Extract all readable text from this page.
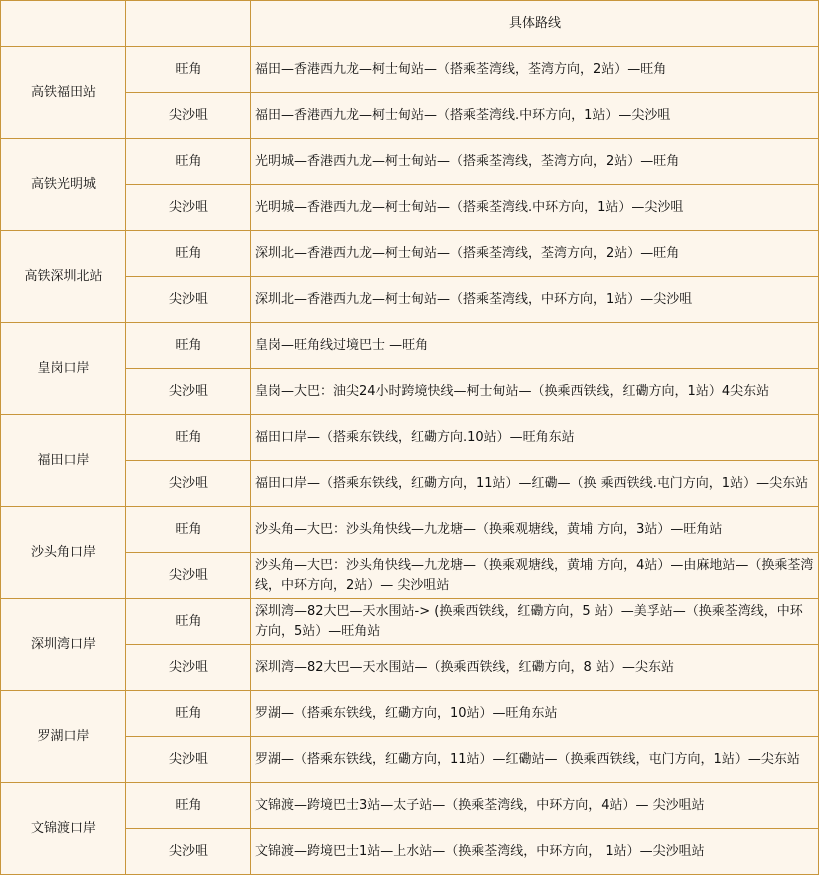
		具体路线
高铁福田站	旺角	福田—香港西九龙—柯士甸站—（搭乘荃湾线，荃湾方向，2站）—旺角
	尖沙咀	福田—香港西九龙—柯士甸站—（搭乘荃湾线.中环方向，1站）—尖沙咀
高铁光明城	旺角	光明城—香港西九龙—柯士甸站—（搭乘荃湾线，荃湾方向，2站）—旺角
	尖沙咀	光明城—香港西九龙—柯士甸站—（搭乘荃湾线.中环方向，1站）—尖沙咀
高铁深圳北站	旺角	深圳北—香港西九龙—柯士甸站—（搭乘荃湾线，荃湾方向，2站）—旺角
	尖沙咀	深圳北—香港西九龙—柯士甸站—（搭乘荃湾线，中环方向，1站）—尖沙咀
皇岗口岸	旺角	皇岗—旺角线过境巴士 —旺角
	尖沙咀	皇岗—大巴：油尖24小时跨境快线—柯士甸站—（换乘西铁线，红磡方向，1站）4尖东站
福田口岸	旺角	福田口岸—（搭乘东铁线，红磡方向.10站）—旺角东站
	尖沙咀	福田口岸—（搭乘东铁线，红磡方向，11站）—红磡—（换 乘西铁线.屯门方向，1站）—尖东站
沙头角口岸	旺角	沙头角—大巴：沙头角快线—九龙塘—（换乘观塘线，黄埔 方向，3站）—旺角站
	尖沙咀	沙头角—大巴：沙头角快线—九龙塘—（换乘观塘线，黄埔 方向，4站）—由麻地站—（换乘荃湾线，中环方向，2站）— 尖沙咀站
深圳湾口岸	旺角	深圳湾—82大巴—天水围站-> (换乘西铁线，红磡方向，5 站）—美孚站—（换乘荃湾线，中环方向，5站）—旺角站
	尖沙咀	深圳湾—82大巴—天水围站—（换乘西铁线，红磡方向，8 站）—尖东站
罗湖口岸	旺角	罗湖—（搭乘东铁线，红磡方向，10站）—旺角东站
	尖沙咀	罗湖—（搭乘东铁线，红磡方向，11站）—红磡站—（换乘西铁线，屯门方向，1站）—尖东站
文锦渡口岸	旺角	文锦渡—跨境巴士3站—太子站—（换乘荃湾线，中环方向，4站）— 尖沙咀站
	尖沙咀	文锦渡—跨境巴士1站—上水站—（换乘荃湾线，中环方向， 1站）—尖沙咀站
